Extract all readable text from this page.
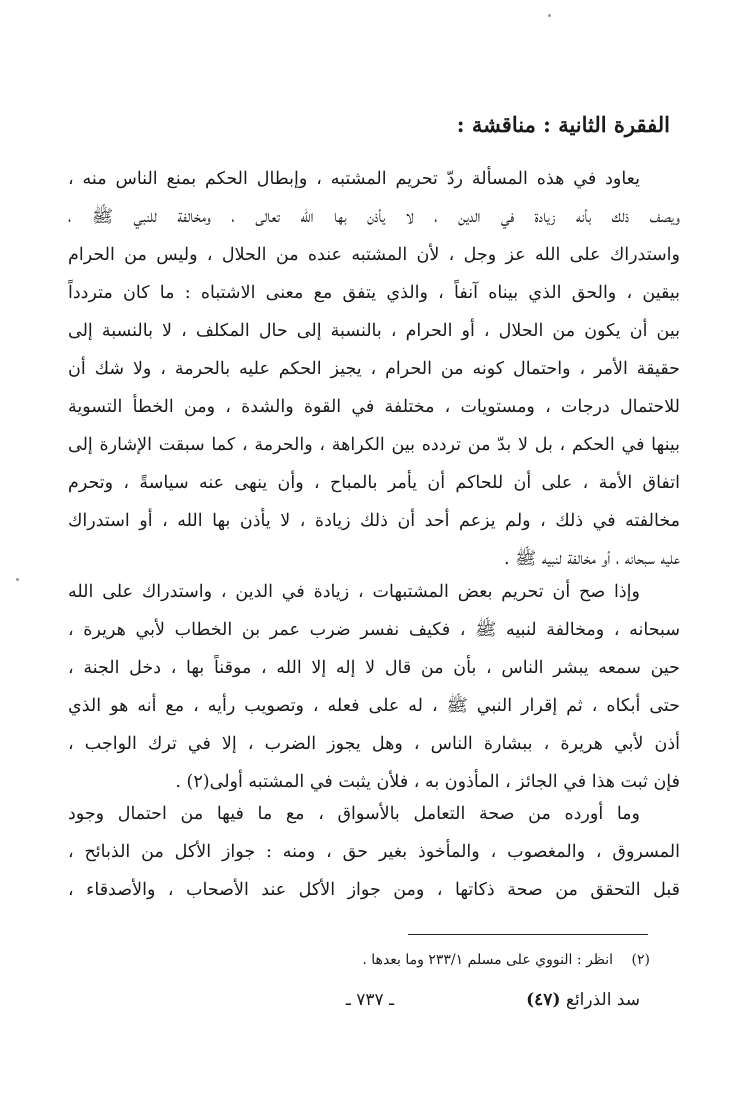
الفقرة الثانية : مناقشة :
يعاود في هذه المسألة ردّ تحريم المشتبه ، وإبطال الحكم بمنع الناس منه ،
ويصف ذلك بأنه زيادة في الدين ، لا يأذن بها الله تعالى ، ومخالفة للنبي ﷺ ،
واستدراك على الله عز وجل ، لأن المشتبه عنده من الحلال ، وليس من الحرام
بيقين ، والحق الذي بيناه آنفاً ، والذي يتفق مع معنى الاشتباه : ما كان متردداً
بين أن يكون من الحلال ، أو الحرام ، بالنسبة إلى حال المكلف ، لا بالنسبة إلى
حقيقة الأمر ، واحتمال كونه من الحرام ، يجيز الحكم عليه بالحرمة ، ولا شك أن
للاحتمال درجات ، ومستويات ، مختلفة في القوة والشدة ، ومن الخطأ التسوية
بينها في الحكم ، بل لا بدّ من تردده بين الكراهة ، والحرمة ، كما سبقت الإشارة إلى
اتفاق الأمة ، على أن للحاكم أن يأمر بالمباح ، وأن ينهى عنه سياسةً ، وتحرم
مخالفته في ذلك ، ولم يزعم أحد أن ذلك زيادة ، لا يأذن بها الله ، أو استدراك
عليه سبحانه ، أو مخالفة لنبيه ﷺ .
وإذا صح أن تحريم بعض المشتبهات ، زيادة في الدين ، واستدراك على الله
سبحانه ، ومخالفة لنبيه ﷺ ، فكيف نفسر ضرب عمر بن الخطاب لأبي هريرة ،
حين سمعه يبشر الناس ، بأن من قال لا إله إلا الله ، موقناً بها ، دخل الجنة ،
حتى أبكاه ، ثم إقرار النبي ﷺ ، له على فعله ، وتصويب رأيه ، مع أنه هو الذي
أذن لأبي هريرة ، ببشارة الناس ، وهل يجوز الضرب ، إلا في ترك الواجب ،
فإن ثبت هذا في الجائز ، المأذون به ، فلأن يثبت في المشتبه أولى(٢) .
وما أورده من صحة التعامل بالأسواق ، مع ما فيها من احتمال وجود
المسروق ، والمغصوب ، والمأخوذ بغير حق ، ومنه : جواز الأكل من الذبائح ،
قبل التحقق من صحة ذكاتها ، ومن جواز الأكل عند الأصحاب ، والأصدقاء ،
(٢) انظر : النووي على مسلم ٢٣٣/١ وما بعدها .
سد الذرائع (٤٧)
ـ ٧٣٧ ـ
